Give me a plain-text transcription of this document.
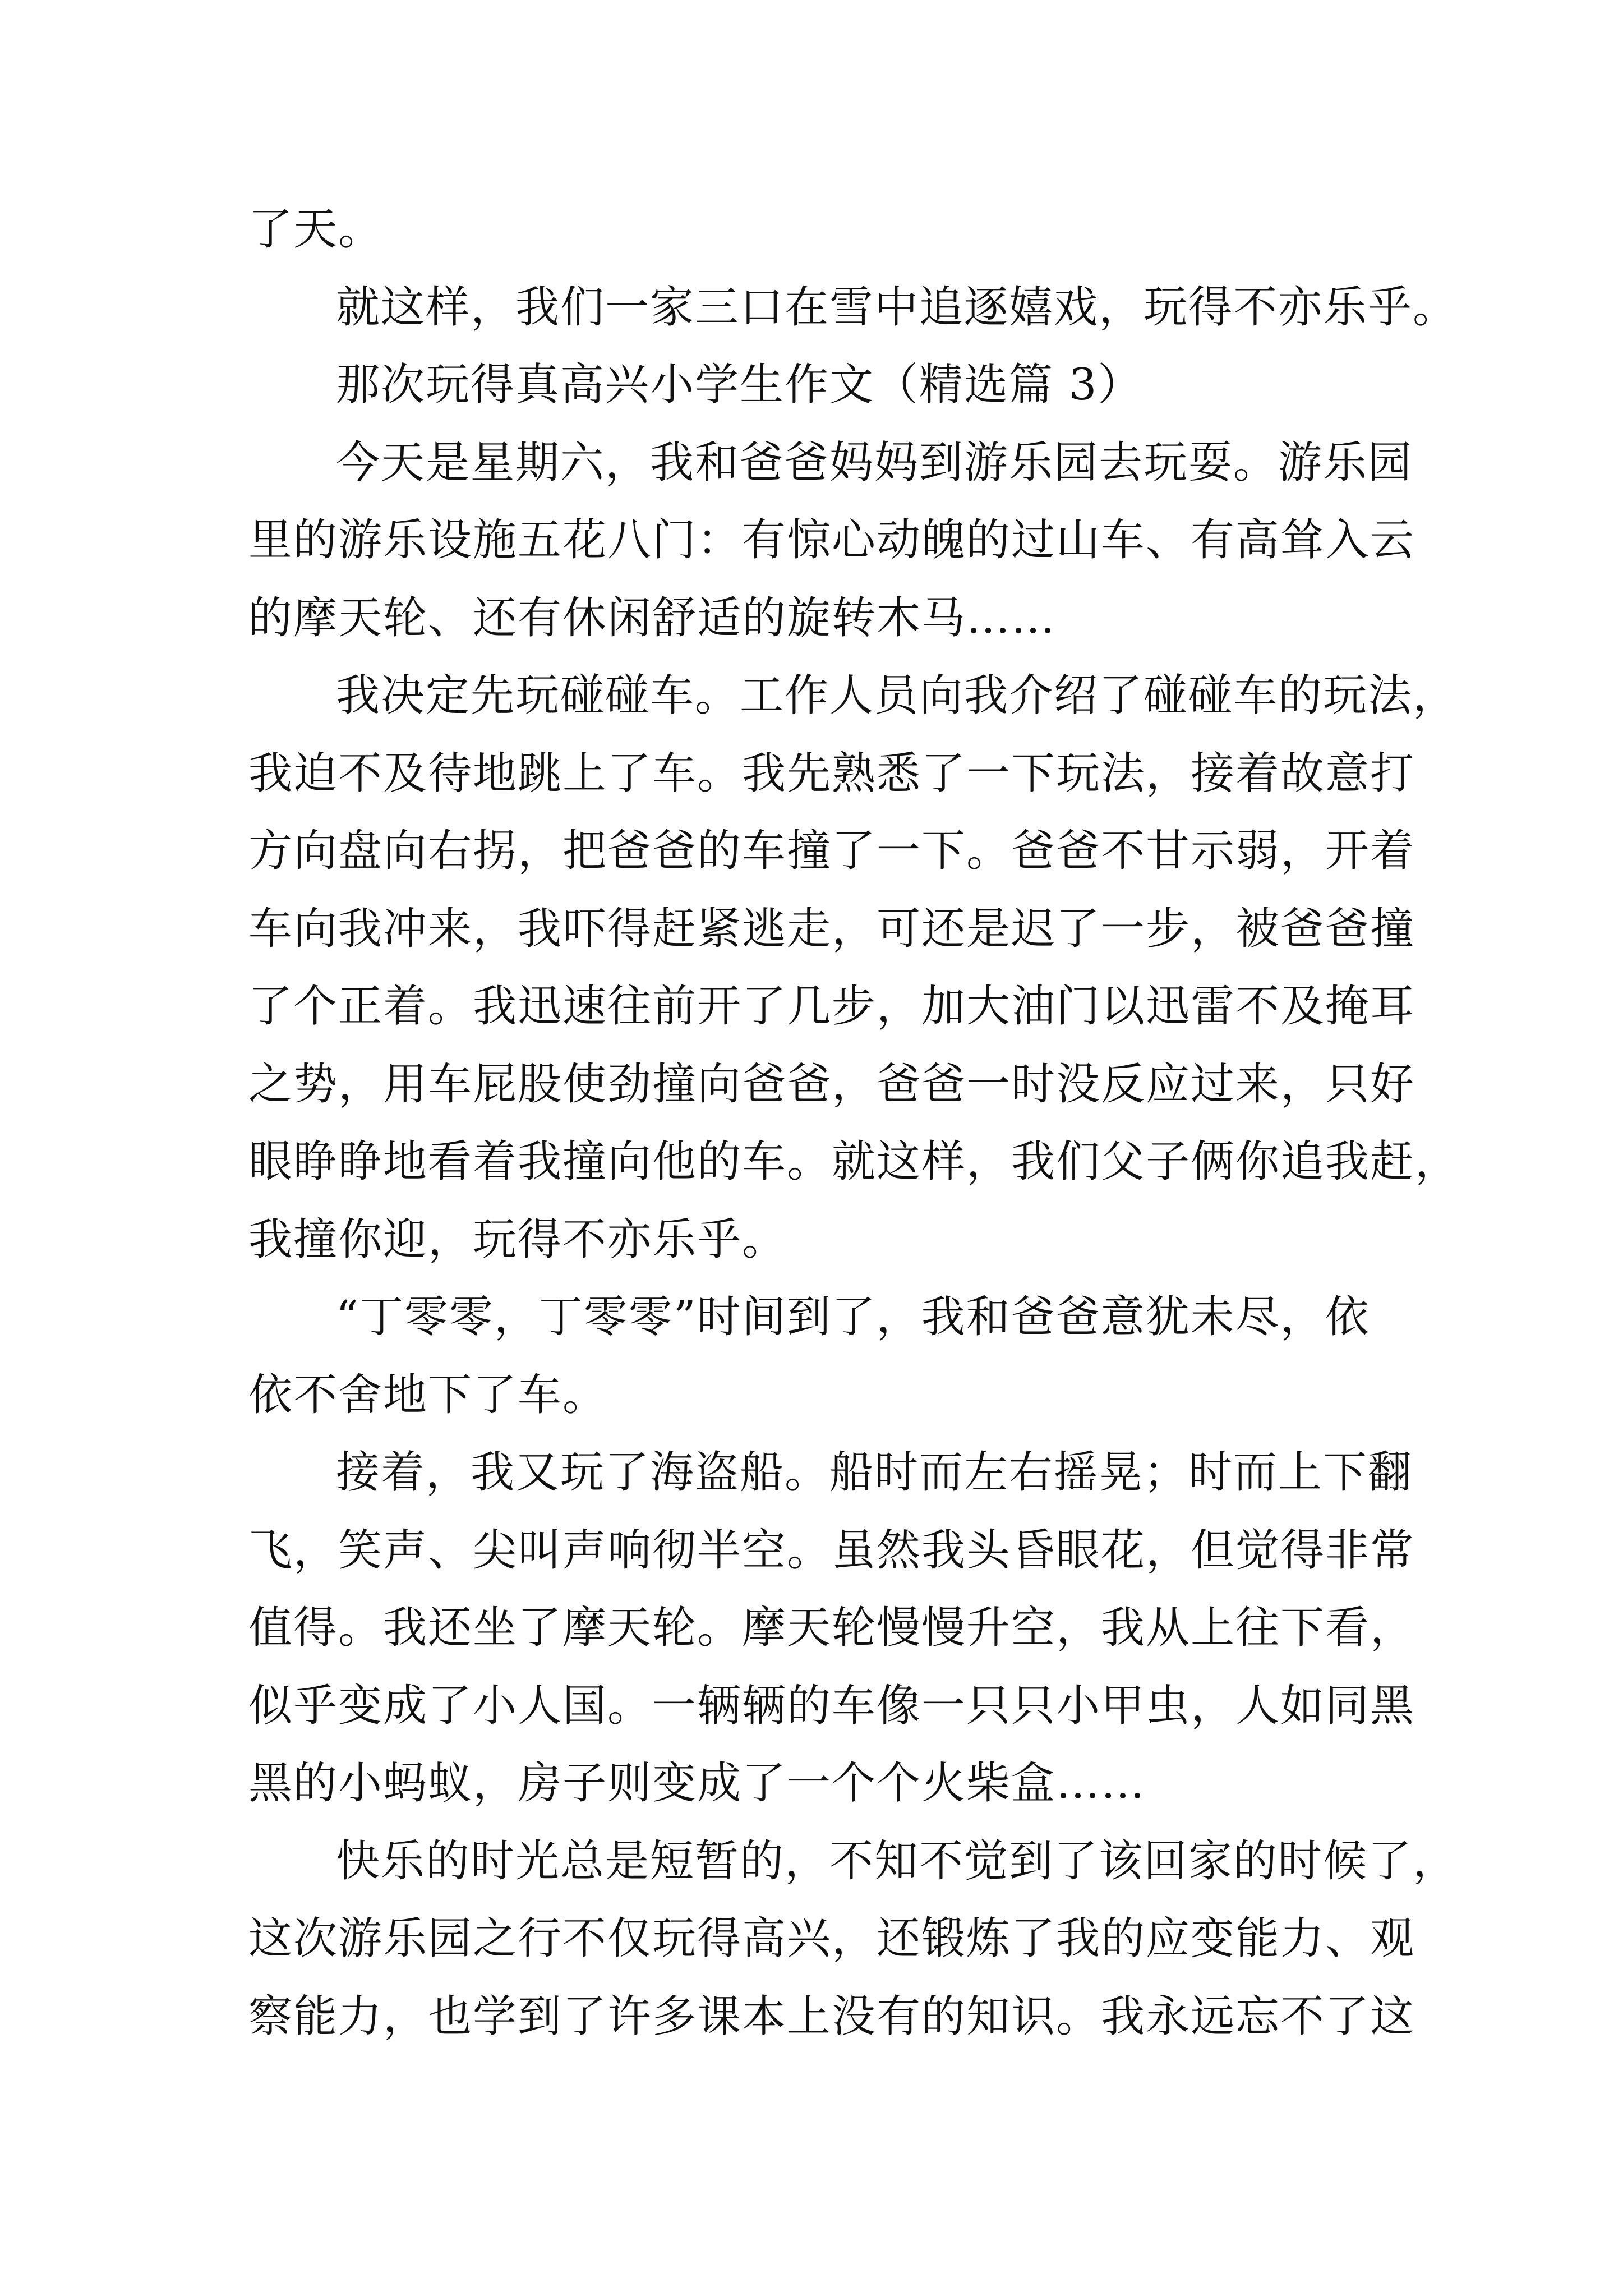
了天。
就这样，我们一家三口在雪中追逐嬉戏，玩得不亦乐乎。
那次玩得真高兴小学生作文（精选篇 3）
今天是星期六，我和爸爸妈妈到游乐园去玩耍。游乐园
里的游乐设施五花八门：有惊心动魄的过山车、有高耸入云
的摩天轮、还有休闲舒适的旋转木马……
我决定先玩碰碰车。工作人员向我介绍了碰碰车的玩法，
我迫不及待地跳上了车。我先熟悉了一下玩法，接着故意打
方向盘向右拐，把爸爸的车撞了一下。爸爸不甘示弱，开着
车向我冲来，我吓得赶紧逃走，可还是迟了一步，被爸爸撞
了个正着。我迅速往前开了几步，加大油门以迅雷不及掩耳
之势，用车屁股使劲撞向爸爸，爸爸一时没反应过来，只好
眼睁睁地看着我撞向他的车。就这样，我们父子俩你追我赶，
我撞你迎，玩得不亦乐乎。
“丁零零，丁零零”时间到了，我和爸爸意犹未尽，依
依不舍地下了车。
接着，我又玩了海盗船。船时而左右摇晃；时而上下翻
飞，笑声、尖叫声响彻半空。虽然我头昏眼花，但觉得非常
值得。我还坐了摩天轮。摩天轮慢慢升空，我从上往下看，
似乎变成了小人国。一辆辆的车像一只只小甲虫，人如同黑
黑的小蚂蚁，房子则变成了一个个火柴盒……
快乐的时光总是短暂的，不知不觉到了该回家的时候了，
这次游乐园之行不仅玩得高兴，还锻炼了我的应变能力、观
察能力，也学到了许多课本上没有的知识。我永远忘不了这
